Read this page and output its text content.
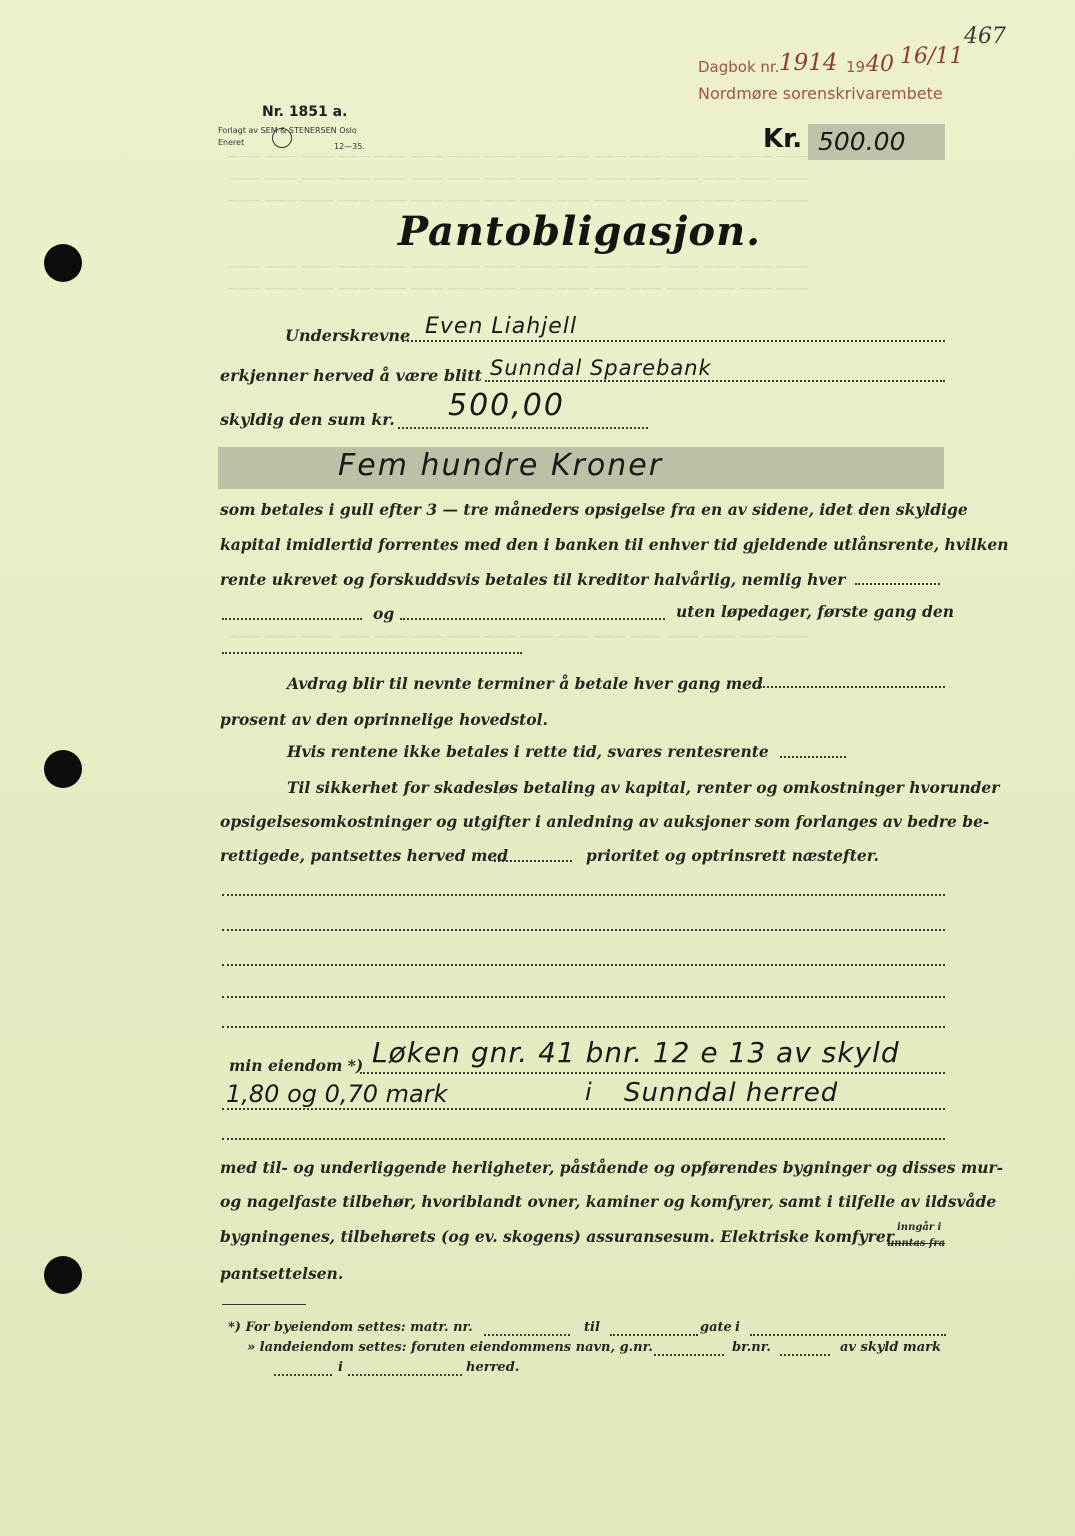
——— ——— ——— ——— ——— ——— ——— ——— ——— ——— ——— ——— ——— ——— ——— ———
——— ——— ——— ——— ——— ——— ——— ——— ——— ——— ——— ——— ——— ——— ——— ———
——— ——— ——— ——— ——— ——— ——— ——— ——— ——— ——— ——— ——— ——— ——— ———
——— ——— ——— ——— ——— ——— ——— ——— ——— ——— ——— ——— ——— ——— ——— ———
——— ——— ——— ——— ——— ——— ——— ——— ——— ——— ——— ——— ——— ——— ——— ———
——— ——— ——— ——— ——— ——— ——— ——— ——— ——— ——— ——— ——— ——— ——— ———
Dagbok nr. 1914 19 40 16/11
Nordmøre sorenskrivarembete
467
Nr. 1851 a.
Forlagt av SEM & STENERSEN Oslo
Eneret	12—35.	Kr. 500.00
Pantobligasjon.
Underskrevne Even Liahjell
erkjenner herved å være blitt Sunndal Sparebank
skyldig den sum kr. 500,00
Fem hundre Kroner
som betales i gull efter 3 — tre måneders opsigelse fra en av sidene, idet den skyldige
kapital imidlertid forrentes med den i banken til enhver tid gjeldende utlånsrente, hvilken
rente ukrevet og forskuddsvis betales til kreditor halvårlig, nemlig hver
og	uten løpedager, første gang den
Avdrag blir til nevnte terminer å betale hver gang med
prosent av den oprinnelige hovedstol.
Hvis rentene ikke betales i rette tid, svares rentesrente
Til sikkerhet for skadesløs betaling av kapital, renter og omkostninger hvorunder
opsigelsesomkostninger og utgifter i anledning av auksjoner som forlanges av bedre be-
rettigede, pantsettes herved med	prioritet og optrinsrett næstefter.
min eiendom *) Løken gnr. 41 bnr. 12 e 13 av skyld
1,80 og 0,70 mark	i Sunndal herred
med til- og underliggende herligheter, påstående og opførendes bygninger og disses mur-
og nagelfaste tilbehør, hvoriblandt ovner, kaminer og komfyrer, samt i tilfelle av ildsvåde
bygningenes, tilbehørets (og ev. skogens) assuransesum. Elektriske komfyrer inngår i
unntas fra
pantsettelsen.
*) For byeiendom settes: matr. nr.	til	gate i
» landeiendom settes: foruten eiendommens navn, g.nr.	br.nr.	av skyld mark
i	herred.
